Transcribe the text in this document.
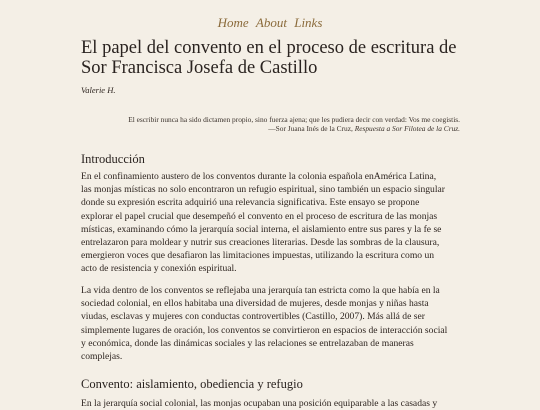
Home About Links
El papel del convento en el proceso de escritura de
Sor Francisca Josefa de Castillo
Valerie H.
El escribir nunca ha sido dictamen propio, sino fuerza ajena; que les pudiera decir con verdad: Vos me coegistis.
—Sor Juana Inés de la Cruz, Respuesta a Sor Filotea de la Cruz.
Introducción
En el confinamiento austero de los conventos durante la colonia española enAmérica Latina,
las monjas místicas no solo encontraron un refugio espiritual, sino también un espacio singular
donde su expresión escrita adquirió una relevancia significativa. Este ensayo se propone
explorar el papel crucial que desempeñó el convento en el proceso de escritura de las monjas
místicas, examinando cómo la jerarquía social interna, el aislamiento entre sus pares y la fe se
entrelazaron para moldear y nutrir sus creaciones literarias. Desde las sombras de la clausura,
emergieron voces que desafiaron las limitaciones impuestas, utilizando la escritura como un
acto de resistencia y conexión espiritual.
La vida dentro de los conventos se reflejaba una jerarquía tan estricta como la que había en la
sociedad colonial, en ellos habitaba una diversidad de mujeres, desde monjas y niñas hasta
viudas, esclavas y mujeres con conductas controvertibles (Castillo, 2007). Más allá de ser
simplemente lugares de oración, los conventos se convirtieron en espacios de interacción social
y económica, donde las dinámicas sociales y las relaciones se entrelazaban de maneras
complejas.
Convento: aislamiento, obediencia y refugio
En la jerarquía social colonial, las monjas ocupaban una posición equiparable a las casadas y
